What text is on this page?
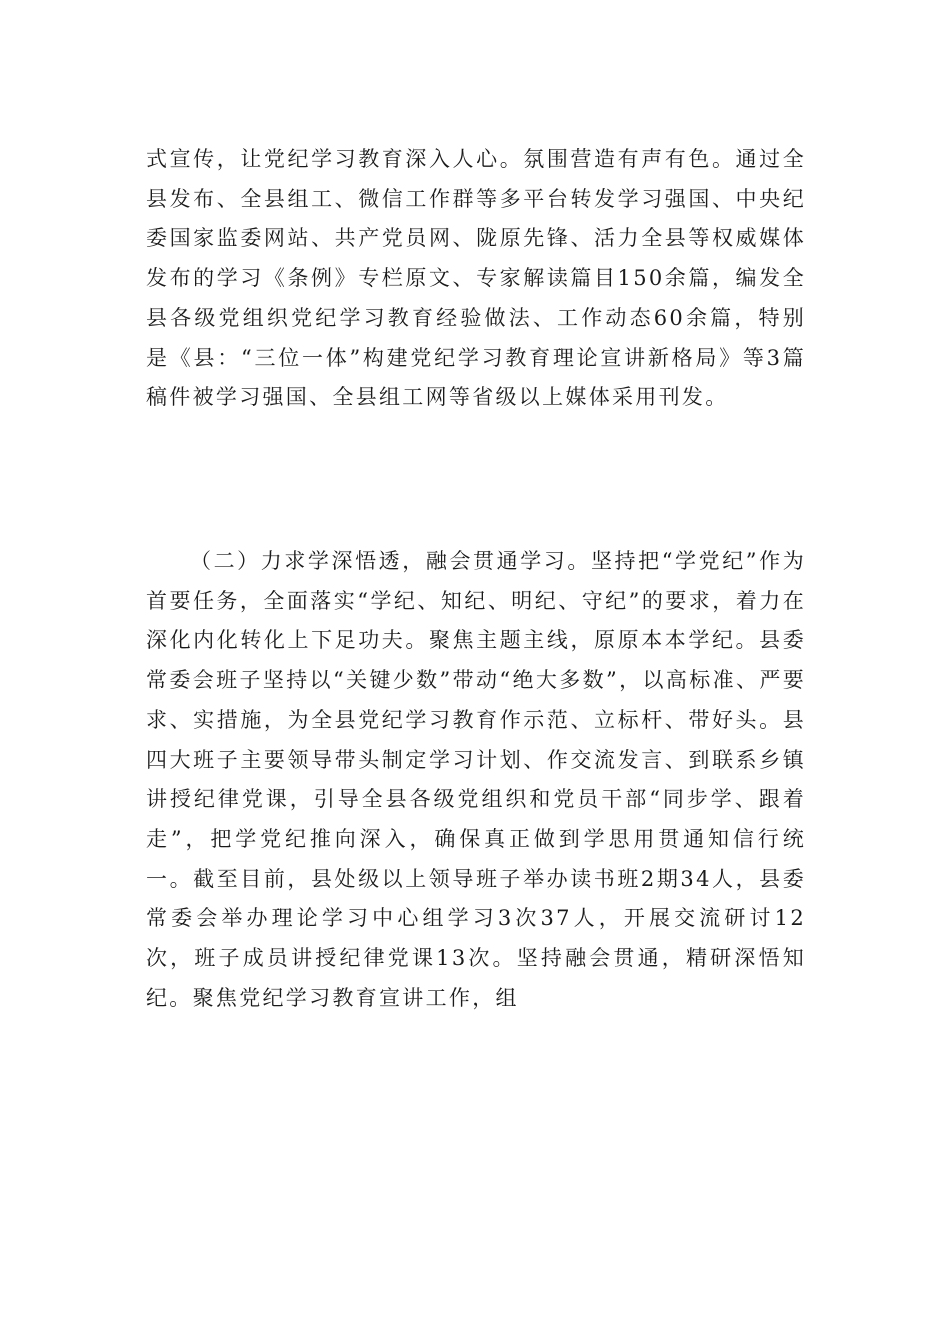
式宣传，让党纪学习教育深入人心。氛围营造有声有色。通过全县发布、全县组工、微信工作群等多平台转发学习强国、中央纪委国家监委网站、共产党员网、陇原先锋、活力全县等权威媒体发布的学习《条例》专栏原文、专家解读篇目150余篇，编发全县各级党组织党纪学习教育经验做法、工作动态60余篇，特别是《县：“三位一体”构建党纪学习教育理论宣讲新格局》等3篇稿件被学习强国、全县组工网等省级以上媒体采用刊发。

（二）力求学深悟透，融会贯通学习。坚持把“学党纪”作为首要任务，全面落实“学纪、知纪、明纪、守纪”的要求，着力在深化内化转化上下足功夫。聚焦主题主线，原原本本学纪。县委常委会班子坚持以“关键少数”带动“绝大多数”，以高标准、严要求、实措施，为全县党纪学习教育作示范、立标杆、带好头。县四大班子主要领导带头制定学习计划、作交流发言、到联系乡镇讲授纪律党课，引导全县各级党组织和党员干部“同步学、跟着走”，把学党纪推向深入，确保真正做到学思用贯通知信行统一。截至目前，县处级以上领导班子举办读书班2期34人，县委常委会举办理论学习中心组学习3次37人，开展交流研讨12次，班子成员讲授纪律党课13次。坚持融会贯通，精研深悟知纪。聚焦党纪学习教育宣讲工作，组
